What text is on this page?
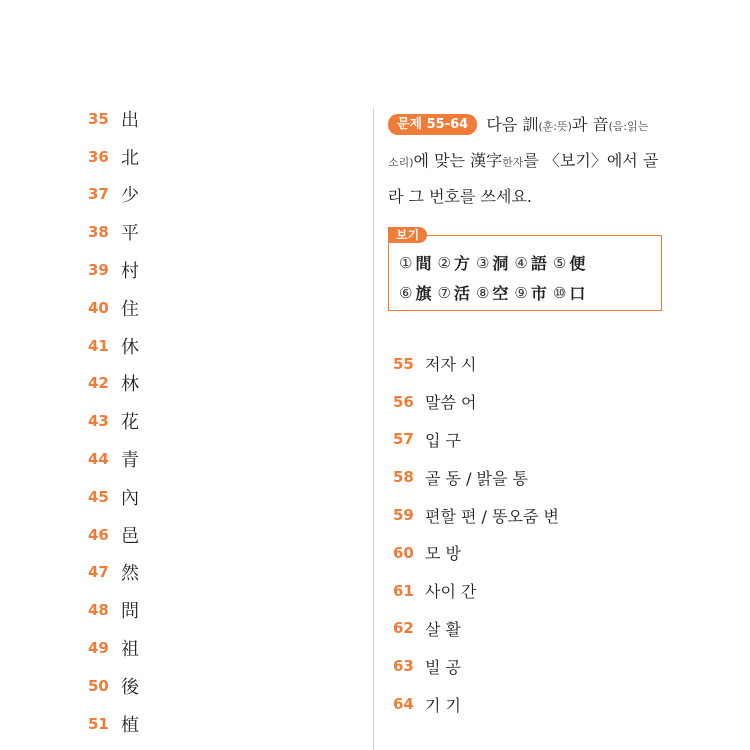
35 出
36 北
37 少
38 平
39 村
40 住
41 休
42 林
43 花
44 青
45 內
46 邑
47 然
48 問
49 祖
50 後
51 植
문제 55-64 다음 訓(훈:뜻)과 音(음:읽는
소리)에 맞는 漢字한자를 〈보기〉에서 골
라 그 번호를 쓰세요.
① 間 ② 方 ③ 洞 ④ 語 ⑤ 便
⑥ 旗 ⑦ 活 ⑧ 空 ⑨ 市 ⑩ 口
보기
55 저자 시
56 말씀 어
57 입 구
58 골 동 / 밝을 통
59 편할 편 / 똥오줌 변
60 모 방
61 사이 간
62 살 활
63 빌 공
64 기 기
